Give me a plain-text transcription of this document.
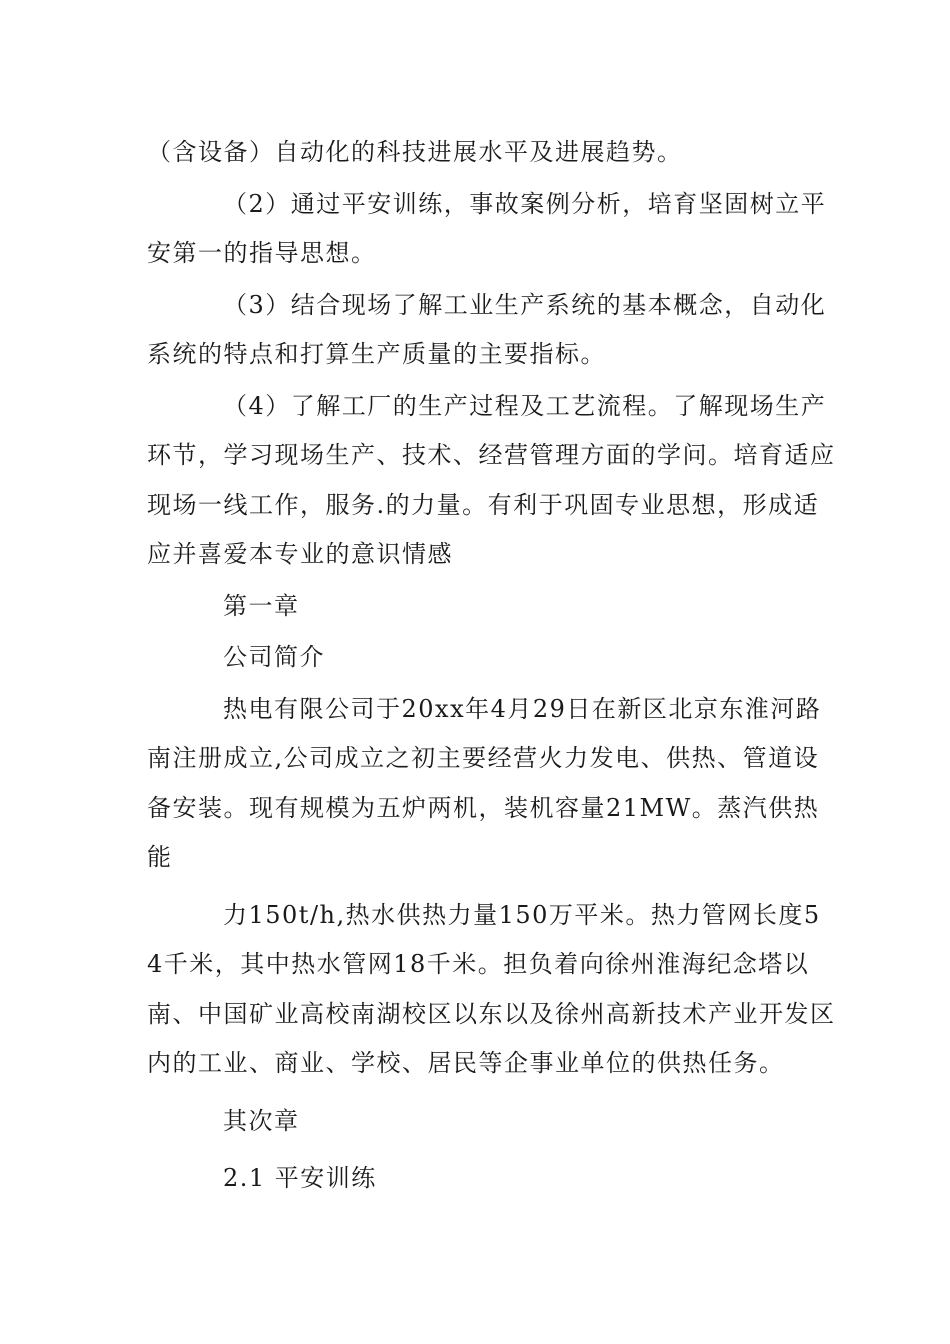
（含设备）自动化的科技进展水平及进展趋势。

（2）通过平安训练，事故案例分析，培育坚固树立平安第一的指导思想。

（3）结合现场了解工业生产系统的基本概念，自动化系统的特点和打算生产质量的主要指标。

（4）了解工厂的生产过程及工艺流程。了解现场生产环节，学习现场生产、技术、经营管理方面的学问。培育适应现场一线工作，服务.的力量。有利于巩固专业思想，形成适应并喜爱本专业的意识情感

第一章

公司简介

热电有限公司于20xx年4月29日在新区北京东淮河路南注册成立,公司成立之初主要经营火力发电、供热、管道设备安装。现有规模为五炉两机，装机容量21MW。蒸汽供热能

力150t/h,热水供热力量150万平米。热力管网长度54千米，其中热水管网18千米。担负着向徐州淮海纪念塔以南、中国矿业高校南湖校区以东以及徐州高新技术产业开发区内的工业、商业、学校、居民等企事业单位的供热任务。

其次章

2.1 平安训练
